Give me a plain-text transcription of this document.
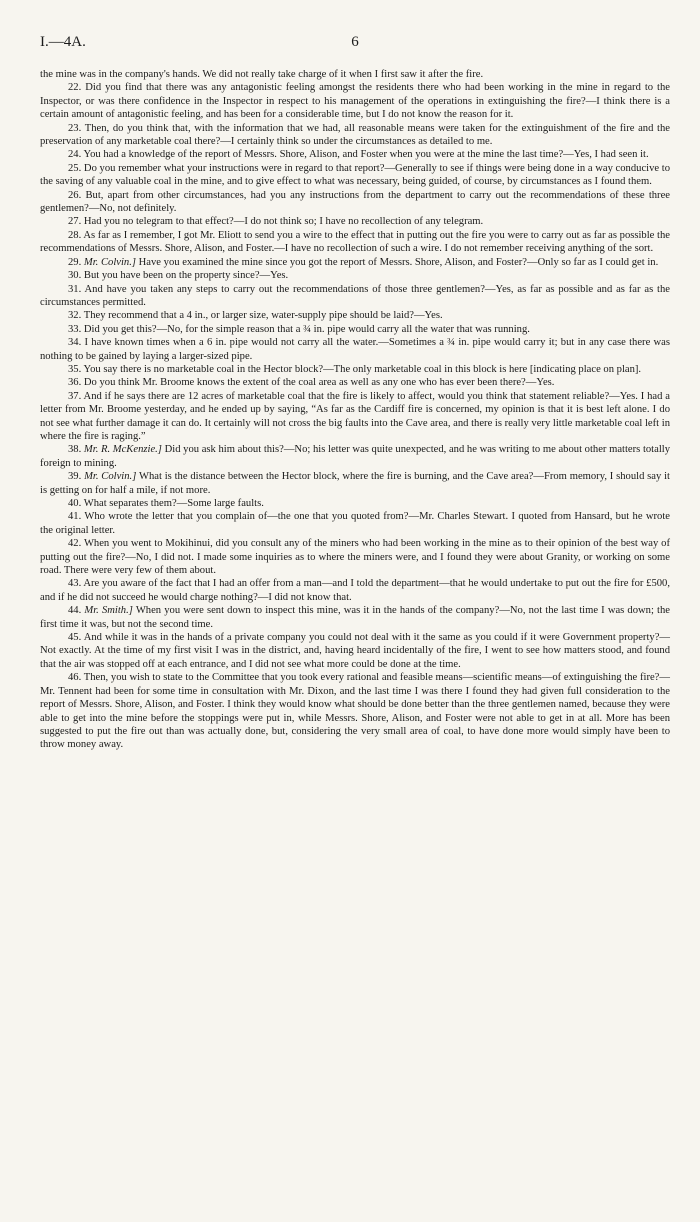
I.—4A.	6

the mine was in the company's hands. We did not really take charge of it when I first saw it after the fire.

22. Did you find that there was any antagonistic feeling amongst the residents there who had been working in the mine in regard to the Inspector, or was there confidence in the Inspector in respect to his management of the operations in extinguishing the fire?—I think there is a certain amount of antagonistic feeling, and has been for a considerable time, but I do not know the reason for it.

23. Then, do you think that, with the information that we had, all reasonable means were taken for the extinguishment of the fire and the preservation of any marketable coal there?—I certainly think so under the circumstances as detailed to me.

24. You had a knowledge of the report of Messrs. Shore, Alison, and Foster when you were at the mine the last time?—Yes, I had seen it.

25. Do you remember what your instructions were in regard to that report?—Generally to see if things were being done in a way conducive to the saving of any valuable coal in the mine, and to give effect to what was necessary, being guided, of course, by circumstances as I found them.

26. But, apart from other circumstances, had you any instructions from the department to carry out the recommendations of these three gentlemen?—No, not definitely.

27. Had you no telegram to that effect?—I do not think so; I have no recollection of any telegram.

28. As far as I remember, I got Mr. Eliott to send you a wire to the effect that in putting out the fire you were to carry out as far as possible the recommendations of Messrs. Shore, Alison, and Foster.—I have no recollection of such a wire. I do not remember receiving anything of the sort.

29. Mr. Colvin.] Have you examined the mine since you got the report of Messrs. Shore, Alison, and Foster?—Only so far as I could get in.

30. But you have been on the property since?—Yes.

31. And have you taken any steps to carry out the recommendations of those three gentlemen?—Yes, as far as possible and as far as the circumstances permitted.

32. They recommend that a 4 in., or larger size, water-supply pipe should be laid?—Yes.

33. Did you get this?—No, for the simple reason that a ¾ in. pipe would carry all the water that was running.

34. I have known times when a 6 in. pipe would not carry all the water.—Sometimes a ¾ in. pipe would carry it; but in any case there was nothing to be gained by laying a larger-sized pipe.

35. You say there is no marketable coal in the Hector block?—The only marketable coal in this block is here [indicating place on plan].

36. Do you think Mr. Broome knows the extent of the coal area as well as any one who has ever been there?—Yes.

37. And if he says there are 12 acres of marketable coal that the fire is likely to affect, would you think that statement reliable?—Yes. I had a letter from Mr. Broome yesterday, and he ended up by saying, “As far as the Cardiff fire is concerned, my opinion is that it is best left alone. I do not see what further damage it can do. It certainly will not cross the big faults into the Cave area, and there is really very little marketable coal left in where the fire is raging.”

38. Mr. R. McKenzie.] Did you ask him about this?—No; his letter was quite unexpected, and he was writing to me about other matters totally foreign to mining.

39. Mr. Colvin.] What is the distance between the Hector block, where the fire is burning, and the Cave area?—From memory, I should say it is getting on for half a mile, if not more.

40. What separates them?—Some large faults.

41. Who wrote the letter that you complain of—the one that you quoted from?—Mr. Charles Stewart. I quoted from Hansard, but he wrote the original letter.

42. When you went to Mokihinui, did you consult any of the miners who had been working in the mine as to their opinion of the best way of putting out the fire?—No, I did not. I made some inquiries as to where the miners were, and I found they were about Granity, or working on some road. There were very few of them about.

43. Are you aware of the fact that I had an offer from a man—and I told the department—that he would undertake to put out the fire for £500, and if he did not succeed he would charge nothing?—I did not know that.

44. Mr. Smith.] When you were sent down to inspect this mine, was it in the hands of the company?—No, not the last time I was down; the first time it was, but not the second time.

45. And while it was in the hands of a private company you could not deal with it the same as you could if it were Government property?—Not exactly. At the time of my first visit I was in the district, and, having heard incidentally of the fire, I went to see how matters stood, and found that the air was stopped off at each entrance, and I did not see what more could be done at the time.

46. Then, you wish to state to the Committee that you took every rational and feasible means—scientific means—of extinguishing the fire?—Mr. Tennent had been for some time in consultation with Mr. Dixon, and the last time I was there I found they had given full consideration to the report of Messrs. Shore, Alison, and Foster. I think they would know what should be done better than the three gentlemen named, because they were able to get into the mine before the stoppings were put in, while Messrs. Shore, Alison, and Foster were not able to get in at all. More has been suggested to put the fire out than was actually done, but, considering the very small area of coal, to have done more would simply have been to throw money away.
